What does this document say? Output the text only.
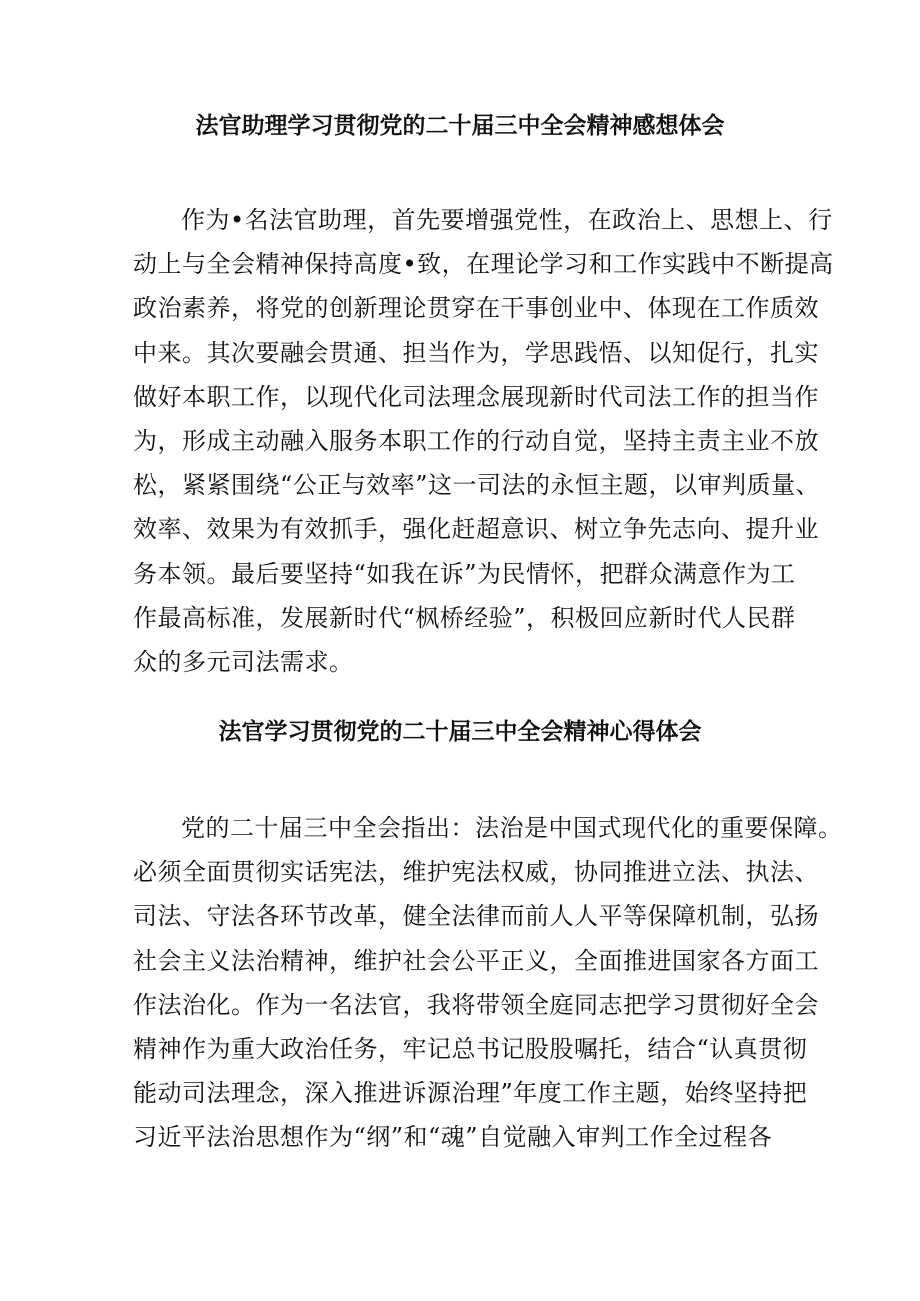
法官助理学习贯彻党的二十届三中全会精神感想体会
作为•名法官助理，首先要增强党性，在政治上、思想上、行
动上与全会精神保持高度•致，在理论学习和工作实践中不断提高
政治素养，将党的创新理论贯穿在干事创业中、体现在工作质效
中来。其次要融会贯通、担当作为，学思践悟、以知促行，扎实
做好本职工作，以现代化司法理念展现新时代司法工作的担当作
为，形成主动融入服务本职工作的行动自觉，坚持主责主业不放
松，紧紧围绕“公正与效率”这一司法的永恒主题，以审判质量、
效率、效果为有效抓手，强化赶超意识、树立争先志向、提升业
务本领。最后要坚持“如我在诉”为民情怀，把群众满意作为工
作最高标准，发展新时代“枫桥经验”，积极回应新时代人民群
众的多元司法需求。
法官学习贯彻党的二十届三中全会精神心得体会
党的二十届三中全会指出：法治是中国式现代化的重要保障。
必须全面贯彻实话宪法，维护宪法权威，协同推进立法、执法、
司法、守法各环节改革，健全法律而前人人平等保障机制，弘扬
社会主义法治精神，维护社会公平正义，全面推进国家各方面工
作法治化。作为一名法官，我将带领全庭同志把学习贯彻好全会
精神作为重大政治任务，牢记总书记股股嘱托，结合“认真贯彻
能动司法理念，深入推进诉源治理”年度工作主题，始终坚持把
习近平法治思想作为“纲”和“魂”自觉融入审判工作全过程各
